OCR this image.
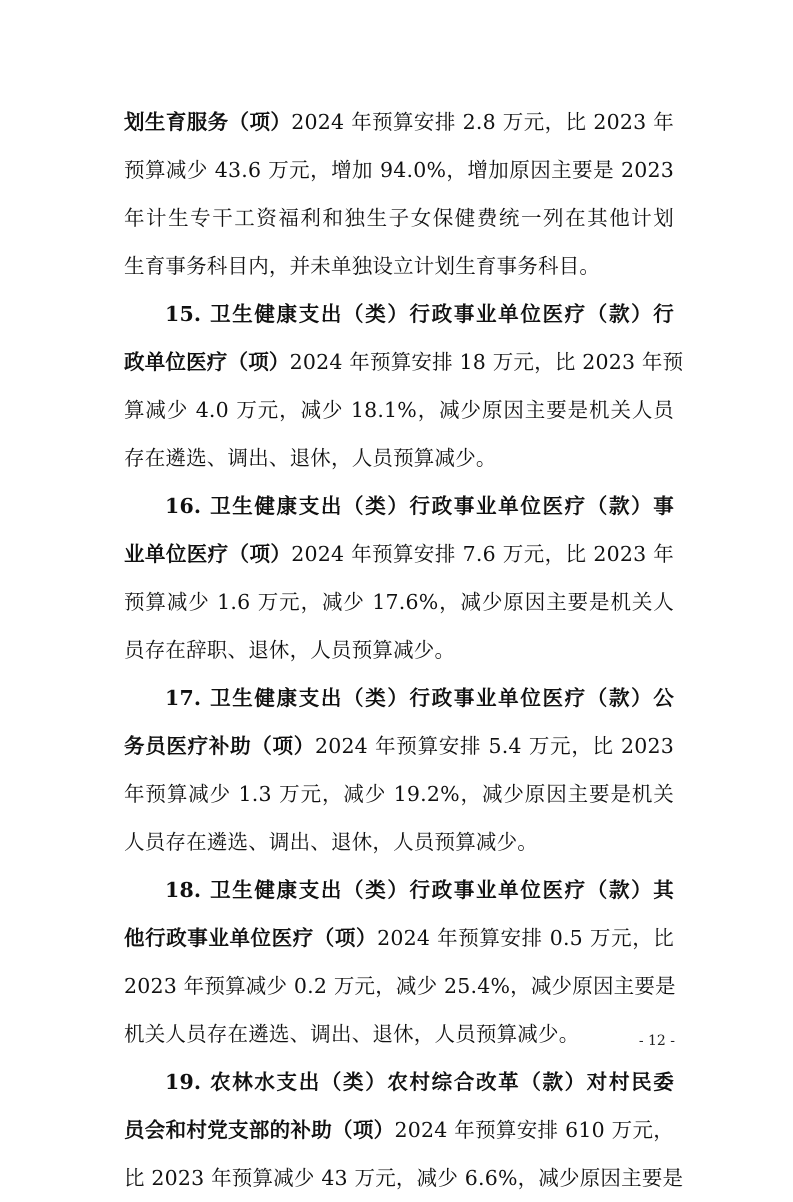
划生育服务（项）2024 年预算安排 2.8 万元，比 2023 年
预算减少 43.6 万元，增加 94.0%，增加原因主要是 2023
年计生专干工资福利和独生子女保健费统一列在其他计划
生育事务科目内，并未单独设立计划生育事务科目。
15. 卫生健康支出（类）行政事业单位医疗（款）行
政单位医疗（项）2024 年预算安排 18 万元，比 2023 年预
算减少 4.0 万元，减少 18.1%，减少原因主要是机关人员
存在遴选、调出、退休，人员预算减少。
16. 卫生健康支出（类）行政事业单位医疗（款）事
业单位医疗（项）2024 年预算安排 7.6 万元，比 2023 年
预算减少 1.6 万元，减少 17.6%，减少原因主要是机关人
员存在辞职、退休，人员预算减少。
17. 卫生健康支出（类）行政事业单位医疗（款）公
务员医疗补助（项）2024 年预算安排 5.4 万元，比 2023
年预算减少 1.3 万元，减少 19.2%，减少原因主要是机关
人员存在遴选、调出、退休，人员预算减少。
18. 卫生健康支出（类）行政事业单位医疗（款）其
他行政事业单位医疗（项）2024 年预算安排 0.5 万元，比
2023 年预算减少 0.2 万元，减少 25.4%，减少原因主要是
机关人员存在遴选、调出、退休，人员预算减少。
19. 农林水支出（类）农村综合改革（款）对村民委
员会和村党支部的补助（项）2024 年预算安排 610 万元，
比 2023 年预算减少 43 万元，减少 6.6%，减少原因主要是
- 12 -
